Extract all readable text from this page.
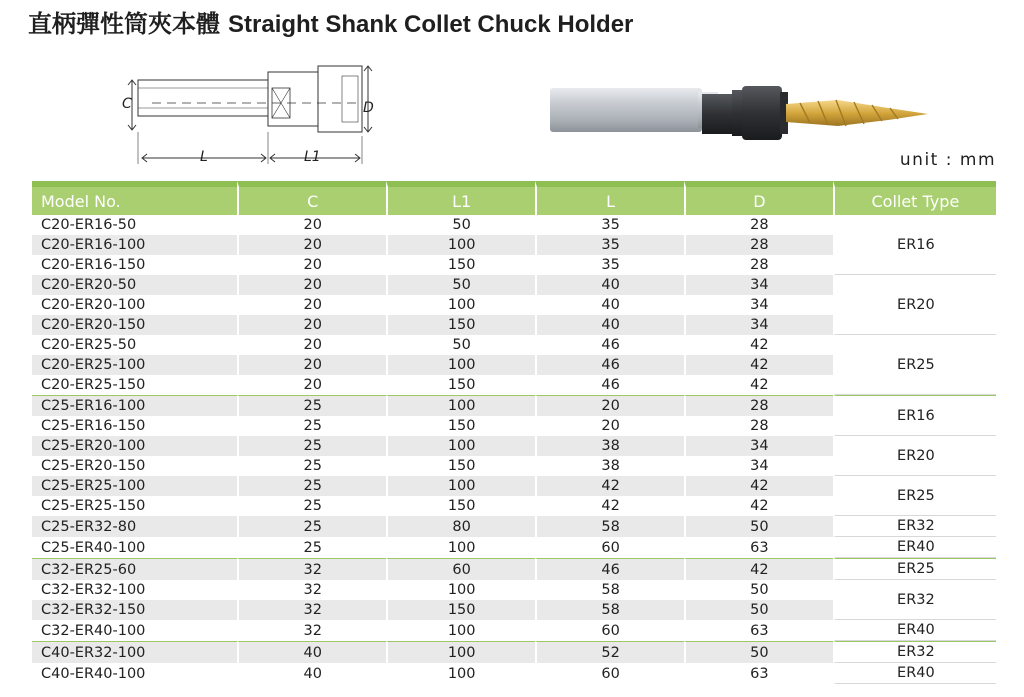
直柄彈性筒夾本體 Straight Shank Collet Chuck Holder
C	D
L	L1	unit : mm
Model No.	C	L1	L	D	Collet Type
C20-ER16-50	20	50	35	28	ER16
C20-ER16-100	20	100	35	28	
C20-ER16-150	20	150	35	28	
C20-ER20-50	20	50	40	34	ER20
C20-ER20-100	20	100	40	34	
C20-ER20-150	20	150	40	34	
C20-ER25-50	20	50	46	42	ER25
C20-ER25-100	20	100	46	42	
C20-ER25-150	20	150	46	42	
C25-ER16-100	25	100	20	28	ER16
C25-ER16-150	25	150	20	28	
C25-ER20-100	25	100	38	34	ER20
C25-ER20-150	25	150	38	34	
C25-ER25-100	25	100	42	42	ER25
C25-ER25-150	25	150	42	42	
C25-ER32-80	25	80	58	50	ER32
C25-ER40-100	25	100	60	63	ER40
C32-ER25-60	32	60	46	42	ER25
C32-ER32-100	32	100	58	50	ER32
C32-ER32-150	32	150	58	50	
C32-ER40-100	32	100	60	63	ER40
C40-ER32-100	40	100	52	50	ER32
C40-ER40-100	40	100	60	63	ER40
